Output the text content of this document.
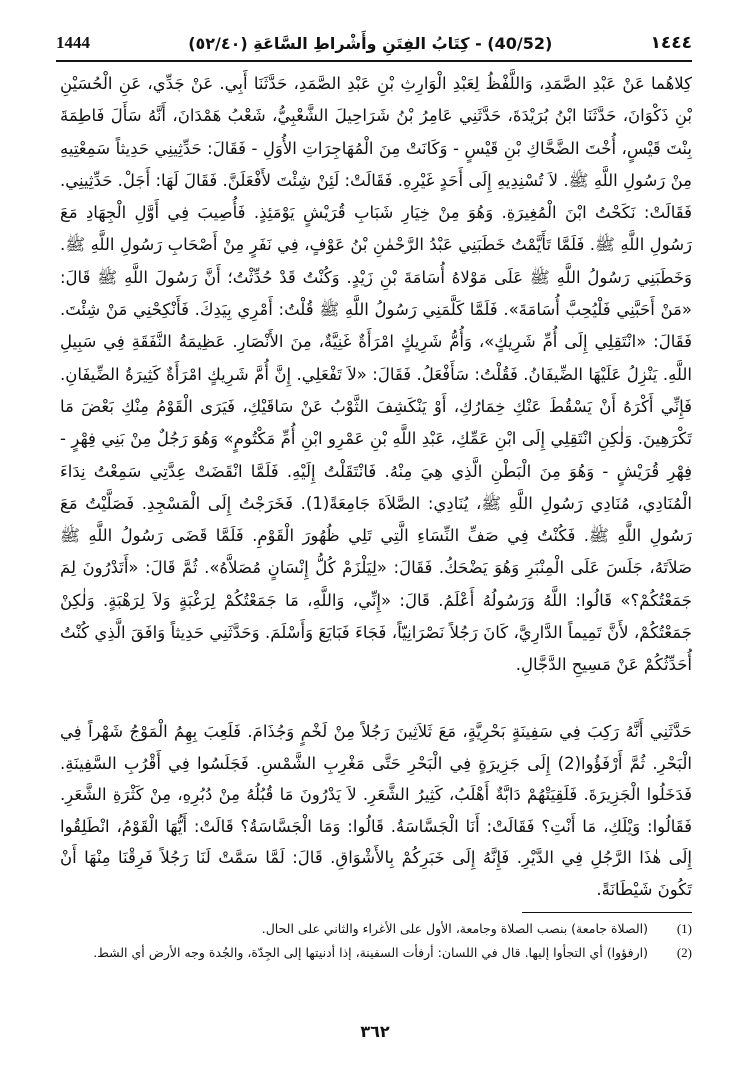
1444	(40/52) - كِتَابُ الفِتَنِ وأَشْراطِ السَّاعَةِ (٥٢/٤٠)	١٤٤٤

كِلاهُما عَنْ عَبْدِ الصَّمَدِ، وَاللَّفْظُ لِعَبْدِ الْوَارِثِ بْنِ عَبْدِ الصَّمَدِ، حَدَّثَنَا أَبِي. عَنْ جَدِّي، عَنِ الْحُسَيْنِ بْنِ ذَكْوَانَ، حَدَّثَنَا ابْنُ بُرَيْدَةَ، حَدَّثَنِي عَامِرُ بْنُ شَرَاحِيلَ الشَّعْبِيُّ، شَعْبُ هَمْدَانَ، أَنَّهُ سَأَلَ فَاطِمَةَ بِنْتَ قَيْسٍ، أُخْتَ الضَّحَّاكِ بْنِ قَيْسٍ - وَكَانَتْ مِنَ الْمُهَاجِرَاتِ الأُوَلِ - فَقَالَ: حَدِّثِينِي حَدِيثاً سَمِعْتِيهِ مِنْ رَسُولِ اللَّهِ ﷺ. لاَ تُسْنِدِيهِ إِلَى أَحَدٍ غَيْرِهِ. فَقَالَتْ: لَئِنْ شِئْتَ لأَفْعَلَنَّ. فَقَالَ لَهَا: أَجَلْ. حَدِّثِينِي. فَقَالَتْ: نَكَحْتُ ابْنَ الْمُغِيرَةِ. وَهُوَ مِنْ خِيَارِ شَبَابِ قُرَيْشٍ يَوْمَئِذٍ. فَأُصِيبَ فِي أَوَّلِ الْجِهَادِ مَعَ رَسُولِ اللَّهِ ﷺ. فَلَمَّا تَأَيَّمْتُ خَطَبَنِي عَبْدُ الرَّحْمٰنِ بْنُ عَوْفٍ، فِي نَفَرٍ مِنْ أَصْحَابِ رَسُولِ اللَّهِ ﷺ. وَخَطَبَنِي رَسُولُ اللَّهِ ﷺ عَلَى مَوْلاهُ أُسَامَةَ بْنِ زَيْدٍ. وَكُنْتُ قَدْ حُدِّثْتُ؛ أَنَّ رَسُولَ اللَّهِ ﷺ قَالَ: «مَنْ أَحَبَّنِي فَلْيُحِبَّ أُسَامَةَ». فَلَمَّا كَلَّمَنِي رَسُولُ اللَّهِ ﷺ قُلْتُ: أَمْرِي بِيَدِكَ. فَأَنْكِحْنِي مَنْ شِئْتَ. فَقَالَ: «انْتَقِلِي إِلَى أُمِّ شَرِيكٍ»، وَأُمُّ شَرِيكٍ امْرَأَةٌ غَنِيَّةٌ، مِنَ الأَنْصَارِ. عَظِيمَةُ النَّفَقَةِ فِي سَبِيلِ اللَّهِ. يَنْزِلُ عَلَيْهَا الضِّيفَانُ. فَقُلْتُ: سَأَفْعَلُ. فَقَالَ: «لاَ تَفْعَلِي. إِنَّ أُمَّ شَرِيكٍ امْرَأَةٌ كَثِيرَةُ الضِّيفَانِ. فَإِنِّي أَكْرَهُ أَنْ يَسْقُطَ عَنْكِ خِمَارُكِ، أَوْ يَنْكَشِفَ الثَّوْبُ عَنْ سَاقَيْكِ، فَيَرَى الْقَوْمُ مِنْكِ بَعْضَ مَا تَكْرَهِينَ. وَلٰكِنِ انْتَقِلِي إِلَى ابْنِ عَمِّكِ، عَبْدِ اللَّهِ بْنِ عَمْرِو ابْنِ أُمِّ مَكْتُومٍ» وَهُوَ رَجُلٌ مِنْ بَنِي فِهْرٍ - فِهْرِ قُرَيْشٍ - وَهُوَ مِنَ الْبَطْنِ الَّذِي هِيَ مِنْهُ. فَانْتَقَلْتُ إِلَيْهِ. فَلَمَّا انْقَضَتْ عِدَّتِي سَمِعْتُ نِدَاءَ الْمُنَادِي، مُنَادِي رَسُولِ اللَّهِ ﷺ، يُنَادِي: الصَّلاَةَ جَامِعَةً(1). فَخَرَجْتُ إِلَى الْمَسْجِدِ. فَصَلَّيْتُ مَعَ رَسُولِ اللَّهِ ﷺ. فَكُنْتُ فِي صَفِّ النِّسَاءِ الَّتِي تَلِي ظُهُورَ الْقَوْمِ. فَلَمَّا قَضَى رَسُولُ اللَّهِ ﷺ صَلاَتَهُ، جَلَسَ عَلَى الْمِنْبَرِ وَهُوَ يَضْحَكُ. فَقَالَ: «لِيَلْزَمْ كُلُّ إِنْسَانٍ مُصَلاَّهُ». ثُمَّ قَالَ: «أَتَدْرُونَ لِمَ جَمَعْتُكُمْ؟» قَالُوا: اللَّهُ وَرَسُولُهُ أَعْلَمُ. قَالَ: «إِنِّي، وَاللَّهِ، مَا جَمَعْتُكُمْ لِرَغْبَةٍ وَلاَ لِرَهْبَةٍ. وَلٰكِنْ جَمَعْتُكُمْ، لأَنَّ تَمِيماً الدَّارِيَّ، كَانَ رَجُلاً نَصْرَانِيّاً، فَجَاءَ فَبَايَعَ وَأَسْلَمَ. وَحَدَّثَنِي حَدِيثاً وَافَقَ الَّذِي كُنْتُ أُحَدِّثُكُمْ عَنْ مَسِيحِ الدَّجَّالِ.

حَدَّثَنِي أَنَّهُ رَكِبَ فِي سَفِينَةٍ بَحْرِيَّةٍ، مَعَ ثَلاَثِينَ رَجُلاً مِنْ لَخْمٍ وَجُذَامَ. فَلَعِبَ بِهِمُ الْمَوْجُ شَهْراً فِي الْبَحْرِ. ثُمَّ أَرْفَؤُوا(2) إِلَى جَزِيرَةٍ فِي الْبَحْرِ حَتَّى مَغْرِبِ الشَّمْسِ. فَجَلَسُوا فِي أَقْرُبِ السَّفِينَةِ. فَدَخَلُوا الْجَزِيرَةَ. فَلَقِيَتْهُمْ دَابَّةٌ أَهْلَبُ، كَثِيرُ الشَّعَرِ. لاَ يَدْرُونَ مَا قُبُلُهُ مِنْ دُبُرِهِ، مِنْ كَثْرَةِ الشَّعَرِ. فَقَالُوا: وَيْلَكِ، مَا أَنْتِ؟ فَقَالَتْ: أَنَا الْجَسَّاسَةُ. قَالُوا: وَمَا الْجَسَّاسَةُ؟ قَالَتْ: أَيُّهَا الْقَوْمُ، انْطَلِقُوا إِلَى هٰذَا الرَّجُلِ فِي الدَّيْرِ. فَإِنَّهُ إِلَى خَبَرِكُمْ بِالأَشْوَاقِ. قَالَ: لَمَّا سَمَّتْ لَنَا رَجُلاً فَرِقْنَا مِنْهَا أَنْ تَكُونَ شَيْطَانَةً.

(1)
(الصلاة جامعة) بنصب الصلاة وجامعة، الأول على الأغراء والثاني على الحال.
(2)
(ارفؤوا) أي التجأوا إليها. قال في اللسان: أرفأت السفينة، إذا أدنيتها إلى الجِدّة، والجُدة وجه الأرض أي الشط.
٣٦٢
